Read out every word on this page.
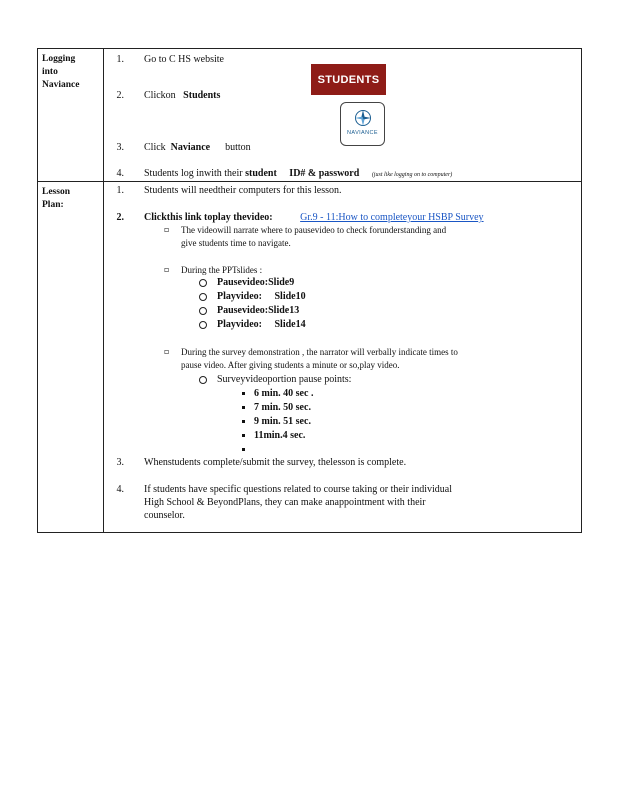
Logging
into
Naviance
1. Go to C HS website
STUDENTS
2. Clickon Students
NAVIANCE
3. Click Naviance button
4. Students log inwith their student ID# & password (just like logging on to computer)
Lesson
Plan:
1. Students will needtheir computers for this lesson.
2. Clickthis link toplay thevideo:	Gr.9 - 11:How to completeyour HSBP Survey
▫ The videowill narrate where to pausevideo to check forunderstanding and
give students time to navigate.
▫ During the PPTslides :
Pausevideo:Slide9
Playvideo: Slide10
Pausevideo:Slide13
Playvideo: Slide14
▫ During the survey demonstration , the narrator will verbally indicate times to
pause video. After giving students a minute or so,play video.
Surveyvideoportion pause points:
6 min. 40 sec .
7 min. 50 sec.
9 min. 51 sec.
11min.4 sec.
3. Whenstudents complete/submit the survey, thelesson is complete.
4. If students have specific questions related to course taking or their individual
High School & BeyondPlans, they can make anappointment with their
counselor.
